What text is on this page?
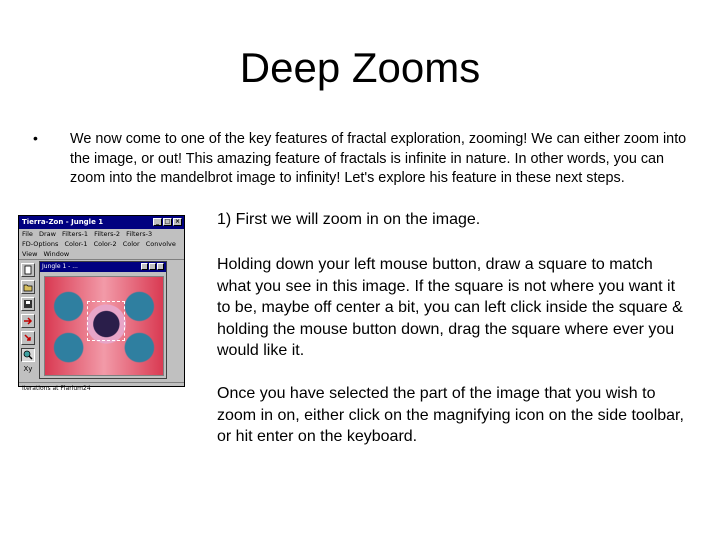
Deep Zooms
• We now come to one of the key features of fractal exploration, zooming! We can either zoom into the image, or out! This amazing feature of fractals is infinite in nature. In other words, you can zoom into the mandelbrot image to infinity! Let's explore his feature in these next steps.
1) First we will zoom in on the image.
Holding down your left mouse button, draw a square to match what you see in this image. If the square is not where you want it to be, maybe off center a bit, you can left click inside the square & holding the mouse button down, drag the square where ever you would like it.
Once you have selected the part of the image that you wish to zoom in on, either click on the magnifying icon on the side toolbar, or hit enter on the keyboard.
Tierra-Zon - Jungle 1	_ □ ×
File Draw Filters-1 Filters-2 Filters-3
FD-Options Color-1 Color-2 Color Convolve
View Window
Xy
Jungle 1 - ...
Iterations at Flarium24
